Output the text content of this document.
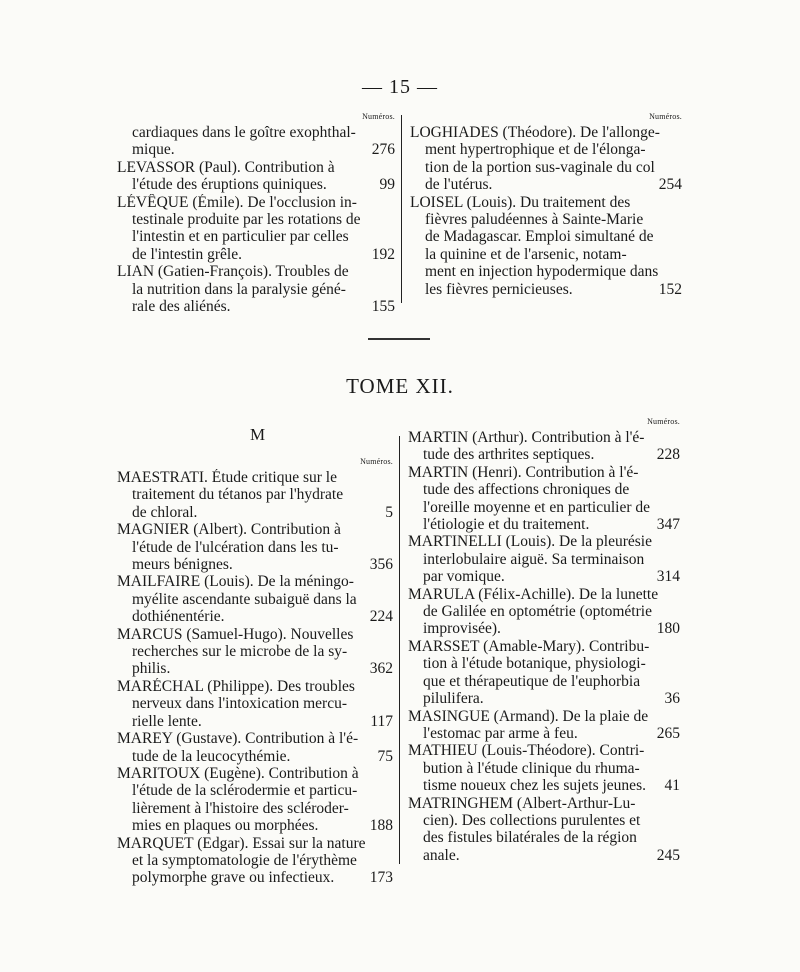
— 15 —
Numéros.
cardiaques dans le goître exophthal-
mique.	276
LEVASSOR (Paul). Contribution à
l'étude des éruptions quiniques.	99
LÉVÊQUE (Émile). De l'occlusion in-
testinale produite par les rotations de
l'intestin et en particulier par celles
de l'intestin grêle.	192
LIAN (Gatien-François). Troubles de
la nutrition dans la paralysie géné-
rale des aliénés.	155
Numéros.
LOGHIADES (Théodore). De l'allonge-
ment hypertrophique et de l'élonga-
tion de la portion sus-vaginale du col
de l'utérus.	254
LOISEL (Louis). Du traitement des
fièvres paludéennes à Sainte-Marie
de Madagascar. Emploi simultané de
la quinine et de l'arsenic, notam-
ment en injection hypodermique dans
les fièvres pernicieuses.	152
TOME XII.
M
Numéros.
MAESTRATI. Étude critique sur le
traitement du tétanos par l'hydrate
de chloral.	5
MAGNIER (Albert). Contribution à
l'étude de l'ulcération dans les tu-
meurs bénignes.	356
MAILFAIRE (Louis). De la méningo-
myélite ascendante subaiguë dans la
dothiénentérie.	224
MARCUS (Samuel-Hugo). Nouvelles
recherches sur le microbe de la sy-
philis.	362
MARÉCHAL (Philippe). Des troubles
nerveux dans l'intoxication mercu-
rielle lente.	117
MAREY (Gustave). Contribution à l'é-
tude de la leucocythémie.	75
MARITOUX (Eugène). Contribution à
l'étude de la sclérodermie et particu-
lièrement à l'histoire des scléroder-
mies en plaques ou morphées.	188
MARQUET (Edgar). Essai sur la nature
et la symptomatologie de l'érythème
polymorphe grave ou infectieux.	173
Numéros.
MARTIN (Arthur). Contribution à l'é-
tude des arthrites septiques.	228
MARTIN (Henri). Contribution à l'é-
tude des affections chroniques de
l'oreille moyenne et en particulier de
l'étiologie et du traitement.	347
MARTINELLI (Louis). De la pleurésie
interlobulaire aiguë. Sa terminaison
par vomique.	314
MARULA (Félix-Achille). De la lunette
de Galilée en optométrie (optométrie
improvisée).	180
MARSSET (Amable-Mary). Contribu-
tion à l'étude botanique, physiologi-
que et thérapeutique de l'euphorbia
pilulifera.	36
MASINGUE (Armand). De la plaie de
l'estomac par arme à feu.	265
MATHIEU (Louis-Théodore). Contri-
bution à l'étude clinique du rhuma-
tisme noueux chez les sujets jeunes.	41
MATRINGHEM (Albert-Arthur-Lu-
cien). Des collections purulentes et
des fistules bilatérales de la région
anale.	245
